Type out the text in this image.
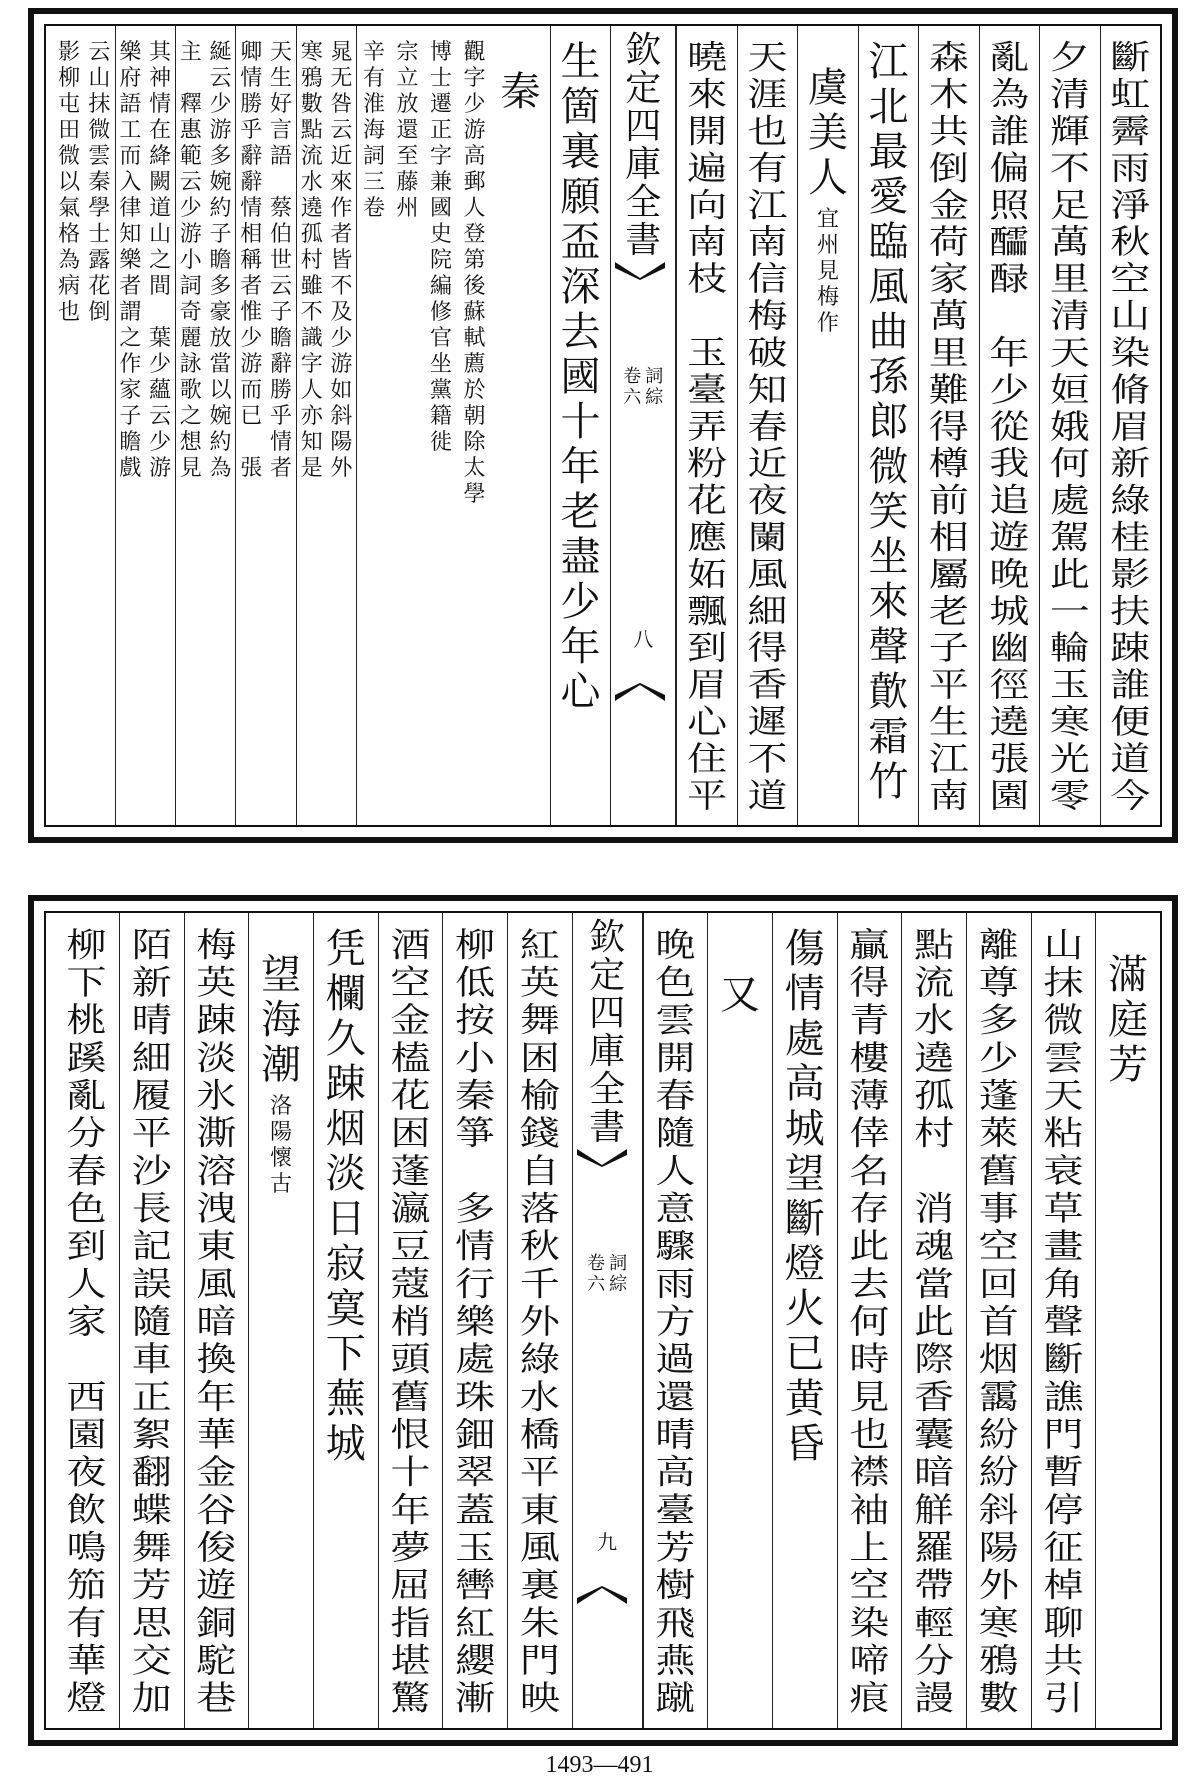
斷
虹
霽
雨
淨
秋
空
山
染
脩
眉
新
綠
桂
影
扶
踈
誰
便
道
今
夕
清
輝
不
足
萬
里
清
天
姮
娥
何
處
駕
此
一
輪
玉
寒
光
零
亂
為
誰
偏
照
醽
醁

年
少
從
我
追
遊
晚
城
幽
徑
遶
張
園
森
木
共
倒
金
荷
家
萬
里
難
得
樽
前
相
屬
老
子
平
生
江
南
江
北
最
愛
臨
風
曲
孫
郎
微
笑
坐
來
聲
歕
霜
竹
虞
美
人
宜
州
見
梅
作
天
涯
也
有
江
南
信
梅
破
知
春
近
夜
闌
風
細
得
香
遲
不
道
曉
來
開
遍
向
南
枝

玉
臺
弄
粉
花
應
妬
飄
到
眉
心
住
平
欽
定
四
庫
全
書
詞
綜
卷
六
八
生
箇
裏
願
盃
深
去
國
十
年
老
盡
少
年
心
秦
觀
字
少
游
高
郵
人
登
第
後
蘇
軾
薦
於
朝
除
太
學
博
士
遷
正
字
兼
國
史
院
編
修
官
坐
黨
籍
徙
宗
立
放
還
至
藤
州
辛
有
淮
海
詞
三
卷
晁
无
咎
云
近
來
作
者
皆
不
及
少
游
如
斜
陽
外
寒
鴉
數
點
流
水
遶
孤
村
雖
不
識
字
人
亦
知
是
天
生
好
言
語

蔡
伯
世
云
子
瞻
辭
勝
乎
情
者
卿
情
勝
乎
辭
辭
情
相
稱
者
惟
少
游
而
已

張
綖
云
少
游
多
婉
約
子
瞻
多
豪
放
當
以
婉
約
為
主

釋
惠
範
云
少
游
小
詞
奇
麗
詠
歌
之
想
見
其
神
情
在
絳
闕
道
山
之
間

葉
少
蘊
云
少
游
樂
府
語
工
而
入
律
知
樂
者
謂
之
作
家
子
瞻
戲
云
山
抹
微
雲
秦
學
士
露
花
倒
影
柳
屯
田
微
以
氣
格
為
病
也
滿
庭
芳
山
抹
微
雲
天
粘
衰
草
畫
角
聲
斷
譙
門
暫
停
征
棹
聊
共
引
離
尊
多
少
蓬
萊
舊
事
空
回
首
烟
靄
紛
紛
斜
陽
外
寒
鴉
數
點
流
水
遶
孤
村

消
魂
當
此
際
香
囊
暗
觧
羅
帶
輕
分
謾
贏
得
青
樓
薄
倖
名
存
此
去
何
時
見
也
襟
袖
上
空
染
啼
痕
傷
情
處
高
城
望
斷
燈
火
已
黄
昏
又
晚
色
雲
開
春
隨
人
意
驟
雨
方
過
還
晴
高
臺
芳
樹
飛
燕
蹴
欽
定
四
庫
全
書
詞
綜
卷
六
九
紅
英
舞
困
榆
錢
自
落
秋
千
外
綠
水
橋
平
東
風
裏
朱
門
映
柳
低
按
小
秦
箏

多
情
行
樂
處
珠
鈿
翠
蓋
玉
轡
紅
纓
漸
酒
空
金
榼
花
困
蓬
瀛
豆
蔻
梢
頭
舊
恨
十
年
夢
屈
指
堪
驚
凭
欄
久
踈
烟
淡
日
寂
寞
下
蕪
城
望
海
潮
洛
陽
懷
古
梅
英
踈
淡
氷
澌
溶
洩
東
風
暗
換
年
華
金
谷
俊
遊
銅
駝
巷
陌
新
晴
細
履
平
沙
長
記
誤
隨
車
正
絮
翻
蝶
舞
芳
思
交
加
柳
下
桃
蹊
亂
分
春
色
到
人
家

西
園
夜
飲
鳴
笳
有
華
燈
1493—491
